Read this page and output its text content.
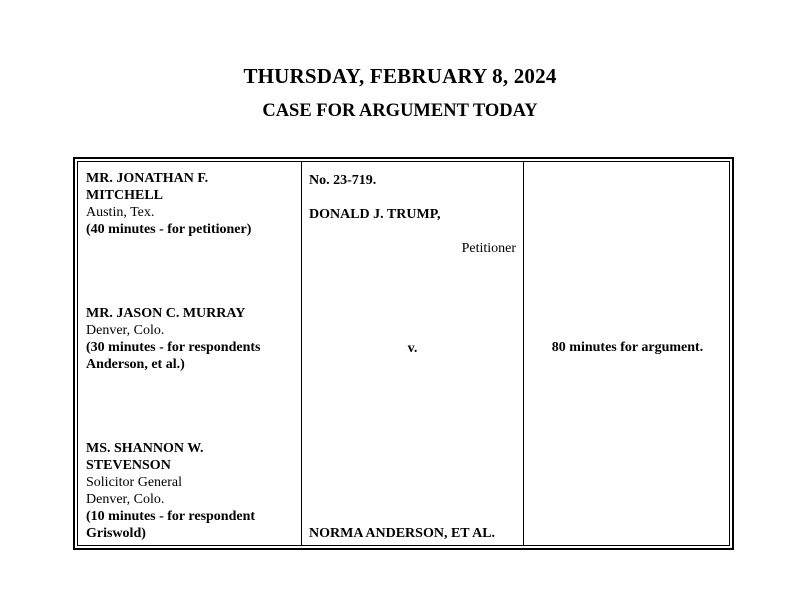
THURSDAY, FEBRUARY 8, 2024
CASE FOR ARGUMENT TODAY
MR. JONATHAN F.
MITCHELL
Austin, Tex.
(40 minutes - for petitioner)
MR. JASON C. MURRAY
Denver, Colo.
(30 minutes - for respondents
Anderson, et al.)
MS. SHANNON W.
STEVENSON
Solicitor General
Denver, Colo.
(10 minutes - for respondent
Griswold)
No. 23-719.
DONALD J. TRUMP,
Petitioner
v.
NORMA ANDERSON, ET AL.
80 minutes for argument.
